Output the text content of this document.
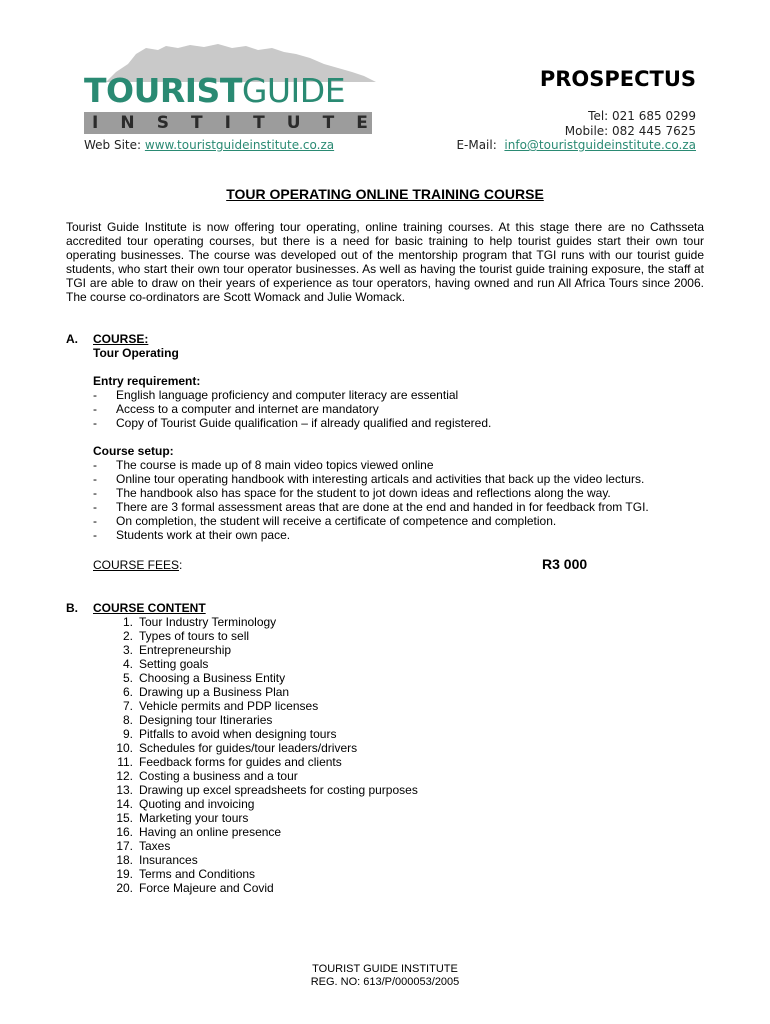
TOURISTGUIDE
I N S T I T U T E
Web Site: www.touristguideinstitute.co.za
PROSPECTUS
Tel: 021 685 0299
Mobile: 082 445 7625
E-Mail: info@touristguideinstitute.co.za
TOUR OPERATING ONLINE TRAINING COURSE
Tourist Guide Institute is now offering tour operating, online training courses. At this stage there are no Cathsseta accredited tour operating courses, but there is a need for basic training to help tourist guides start their own tour operating businesses. The course was developed out of the mentorship program that TGI runs with our tourist guide students, who start their own tour operator businesses. As well as having the tourist guide training exposure, the staff at TGI are able to draw on their years of experience as tour operators, having owned and run All Africa Tours since 2006. The course co-ordinators are Scott Womack and Julie Womack.
A. COURSE:
Tour Operating
Entry requirement:
- English language proficiency and computer literacy are essential
- Access to a computer and internet are mandatory
- Copy of Tourist Guide qualification – if already qualified and registered.
Course setup:
- The course is made up of 8 main video topics viewed online
- Online tour operating handbook with interesting articals and activities that back up the video lecturs.
- The handbook also has space for the student to jot down ideas and reflections along the way.
- There are 3 formal assessment areas that are done at the end and handed in for feedback from TGI.
- On completion, the student will receive a certificate of competence and completion.
- Students work at their own pace.
COURSE FEES:	R3 000
B. COURSE CONTENT
1. Tour Industry Terminology
2. Types of tours to sell
3. Entrepreneurship
4. Setting goals
5. Choosing a Business Entity
6. Drawing up a Business Plan
7. Vehicle permits and PDP licenses
8. Designing tour Itineraries
9. Pitfalls to avoid when designing tours
10. Schedules for guides/tour leaders/drivers
11. Feedback forms for guides and clients
12. Costing a business and a tour
13. Drawing up excel spreadsheets for costing purposes
14. Quoting and invoicing
15. Marketing your tours
16. Having an online presence
17. Taxes
18. Insurances
19. Terms and Conditions
20. Force Majeure and Covid
TOURIST GUIDE INSTITUTE
REG. NO: 613/P/000053/2005
